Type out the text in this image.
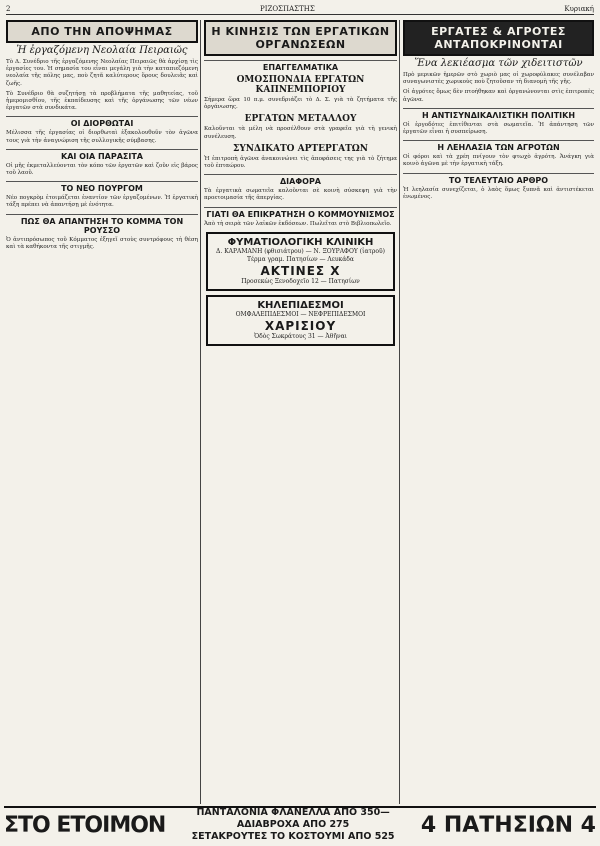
2	ΡΙΖΟΣΠΑΣΤΗΣ	Κυριακή
ΑΠΟ ΤΗΝ ΑΠΟΨΗΜΑΣ
Ἡ ἐργαζόμενη Νεολαία Πειραιῶς

Τὸ Δ. Συνέδριο τῆς ἐργαζόμενης Νεολαίας Πειραιῶς θὰ ἀρχίσῃ τὶς ἐργασίες του. Ἡ σημασία του εἶναι μεγάλη γιὰ τὴν καταπιεζόμενη νεολαία τῆς πόλης μας, ποὺ ζητᾶ καλύτερους ὅρους δουλειᾶς καὶ ζωῆς.

Τὸ Συνέδριο θὰ συζητήσῃ τὰ προβλήματα τῆς μαθητείας, τοῦ ἡμερομισθίου, τῆς ἐκπαίδευσης καὶ τῆς ὀργάνωσης τῶν νέων ἐργατῶν στὰ συνδικάτα.

ΟΙ ΔΙΟΡΘΩΤΑΙ

Μέλισσα τῆς ἐργασίας οἱ διορθωταὶ ἐξακολουθοῦν τὸν ἀγῶνα τους γιὰ τὴν ἀναγνώριση τῆς συλλογικῆς σύμβασης.

ΚΑΙ ΟΙΑ ΠΑΡΑΣΙΤΑ

Οἱ μῆς ἐκμεταλλεύονται τὸν κόπο τῶν ἐργατῶν καὶ ζοῦν εἰς βάρος τοῦ λαοῦ.

ΤΟ ΝΕΟ ΠΟΥΡΓΟΜ

Νέο πογκρὸμ ἑτοιμάζεται ἐναντίον τῶν ἐργαζομένων. Ἡ ἐργατικὴ τάξη πρέπει νὰ ἀπαντήσῃ μὲ ἑνότητα.

ΠΩΣ ΘΑ ΑΠΑΝΤΗΣΗ ΤΟ ΚΟΜΜΑ ΤΟΝ ΡΟΥΣΣΟ

Ὁ ἀντιπρόσωπος τοῦ Κόμματος ἐξηγεῖ στοὺς συντρόφους τὴ θέση καὶ τὰ καθήκοντα τῆς στιγμῆς.

Η ΚΙΝΗΣΙΣ ΤΩΝ ΕΡΓΑΤΙΚΩΝ ΟΡΓΑΝΩΣΕΩΝ
ΕΠΑΓΓΕΛΜΑΤΙΚΑ
ΟΜΟΣΠΟΝΔΙΑ ΕΡΓΑΤΩΝ ΚΑΠΝΕΜΠΟΡΙΟΥ

Σήμερα ὥρα 10 π.μ. συνεδριάζει τὸ Δ. Σ. γιὰ τὰ ζητήματα τῆς ὀργάνωσης.

ΕΡΓΑΤΩΝ ΜΕΤΑΛΛΟΥ

Καλοῦνται τὰ μέλη νὰ προσέλθουν στὰ γραφεῖα γιὰ τὴ γενικὴ συνέλευση.

ΣΥΝΔΙΚΑΤΟ ΑΡΤΕΡΓΑΤΩΝ

Ἡ ἐπιτροπὴ ἀγῶνα ἀνακοινώνει τὶς ἀποφάσεις της γιὰ τὸ ζήτημα τοῦ ἑπταώρου.

ΔΙΑΦΟΡΑ

Τὰ ἐργατικὰ σωματεῖα καλοῦνται σὲ κοινὴ σύσκεψη γιὰ τὴν προετοιμασία τῆς ἀπεργίας.

ΓΙΑΤΙ ΘΑ ΕΠΙΚΡΑΤΗΣΗ Ο ΚΟΜΜΟΥΝΙΣΜΟΣ

Ἀπὸ τὴ σειρὰ τῶν λαϊκῶν ἐκδόσεων. Πωλεῖται στὸ Βιβλιοπωλεῖο.

ΦΥΜΑΤΙΟΛΟΓΙΚΗ ΚΛΙΝΙΚΗ
Δ. ΚΑΡΑΜΑΝΗ (φθισιάτρου) — Ν. ΞΟΥΡΑΦΟΥ (ἰατροῦ)
Τέρμα γραμ. Πατησίων — Λευκάδα
ΑΚΤΙΝΕΣ Χ
Προσεκὼς Ξενοδοχεῖο 12 — Πατησίων
ΚΗΛΕΠΙΔΕΣΜΟΙ
ΟΜΦΑΛΕΠΙΔΕΣΜΟΙ — ΝΕΦΡΕΠΙΔΕΣΜΟΙ
ΧΑΡΙΣΙΟΥ
Ὁδὸς Σωκράτους 31 — Ἀθῆναι
ΕΡΓΑΤΕΣ & ΑΓΡΟΤΕΣ ΑΝΤΑΠΟΚΡΙΝΟΝΤΑΙ
Ἕνα λεκιέασμα τῶν χιδειτιστῶν

Πρὸ μερικῶν ἡμερῶν στὸ χωριὸ μας οἱ χωροφύλακες συνέλαβαν συναγωνιστὲς χωρικοὺς ποὺ ζητοῦσαν τὴ διανομὴ τῆς γῆς.

Οἱ ἀγρότες ὅμως δὲν πτοήθηκαν καὶ ὀργανώνονται στὶς ἐπιτροπὲς ἀγῶνα.

Η ΑΝΤΙΣΥΝΔΙΚΑΛΙΣΤΙΚΗ ΠΟΛΙΤΙΚΗ

Οἱ ἐργοδότες ἐπιτίθενται στὰ σωματεῖα. Ἡ ἀπάντηση τῶν ἐργατῶν εἶναι ἡ συσπείρωση.

Η ΛΕΗΛΑΣΙΑ ΤΩΝ ΑΓΡΟΤΩΝ

Οἱ φόροι καὶ τὰ χρέη πνίγουν τὸν φτωχὸ ἀγρότη. Ἀνάγκη γιὰ κοινὸ ἀγῶνα μὲ τὴν ἐργατικὴ τάξη.

ΤΟ ΤΕΛΕΥΤΑΙΟ ΑΡΘΡΟ

Ἡ λεηλασία συνεχίζεται, ὁ λαὸς ὅμως ξυπνᾶ καὶ ἀντιστέκεται ἑνωμένος.

ΣΤΟ ΕΤΟΙΜΟΝ	ΠΑΝΤΑΛΟΝΙΑ ΦΛΑΝΕΛΛΑ ΑΠΟ 350—ΑΔΙΑΒΡΟΧΑ ΑΠΟ 275
ΣΕΤΑΚΡΟΥΤΕΣ ΤΟ ΚΟΣΤΟΥΜΙ ΑΠΟ 525	4 ΠΑΤΗΣΙΩΝ 4
